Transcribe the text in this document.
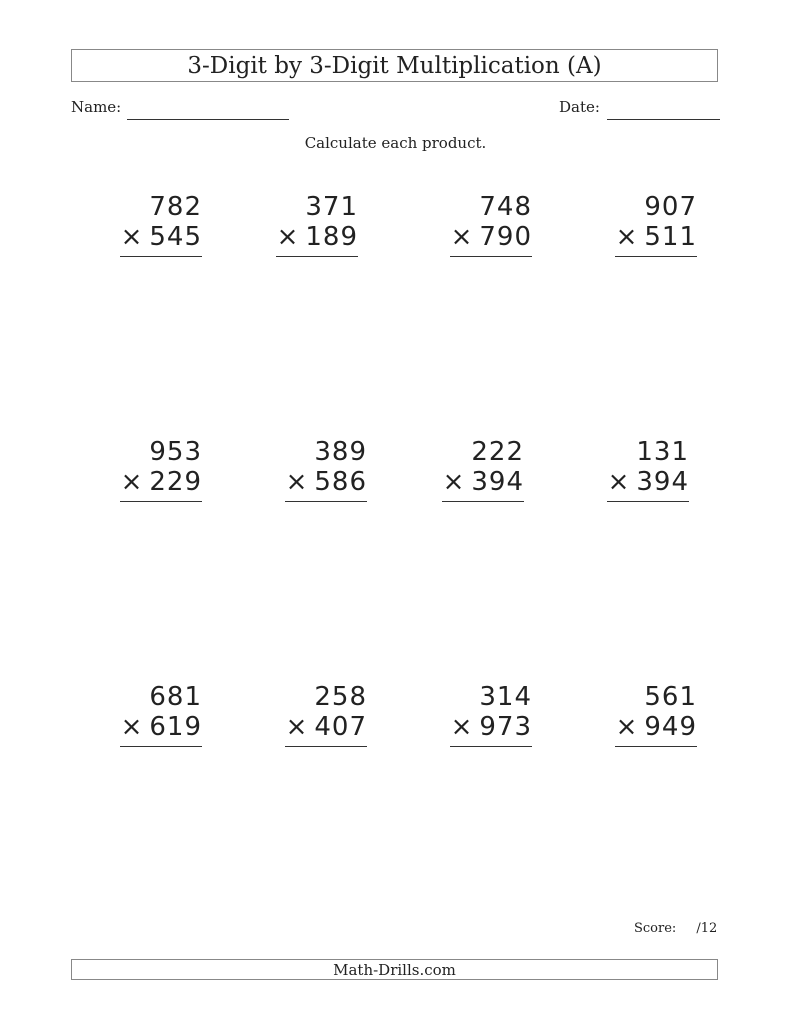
3-Digit by 3-Digit Multiplication (A)
Name:	Date:
Calculate each product.
782
× 545
371
× 189
748
× 790
907
× 511
953
× 229
389
× 586
222
× 394
131
× 394
681
× 619
258
× 407
314
× 973
561
× 949
Score: /12
Math-Drills.com
